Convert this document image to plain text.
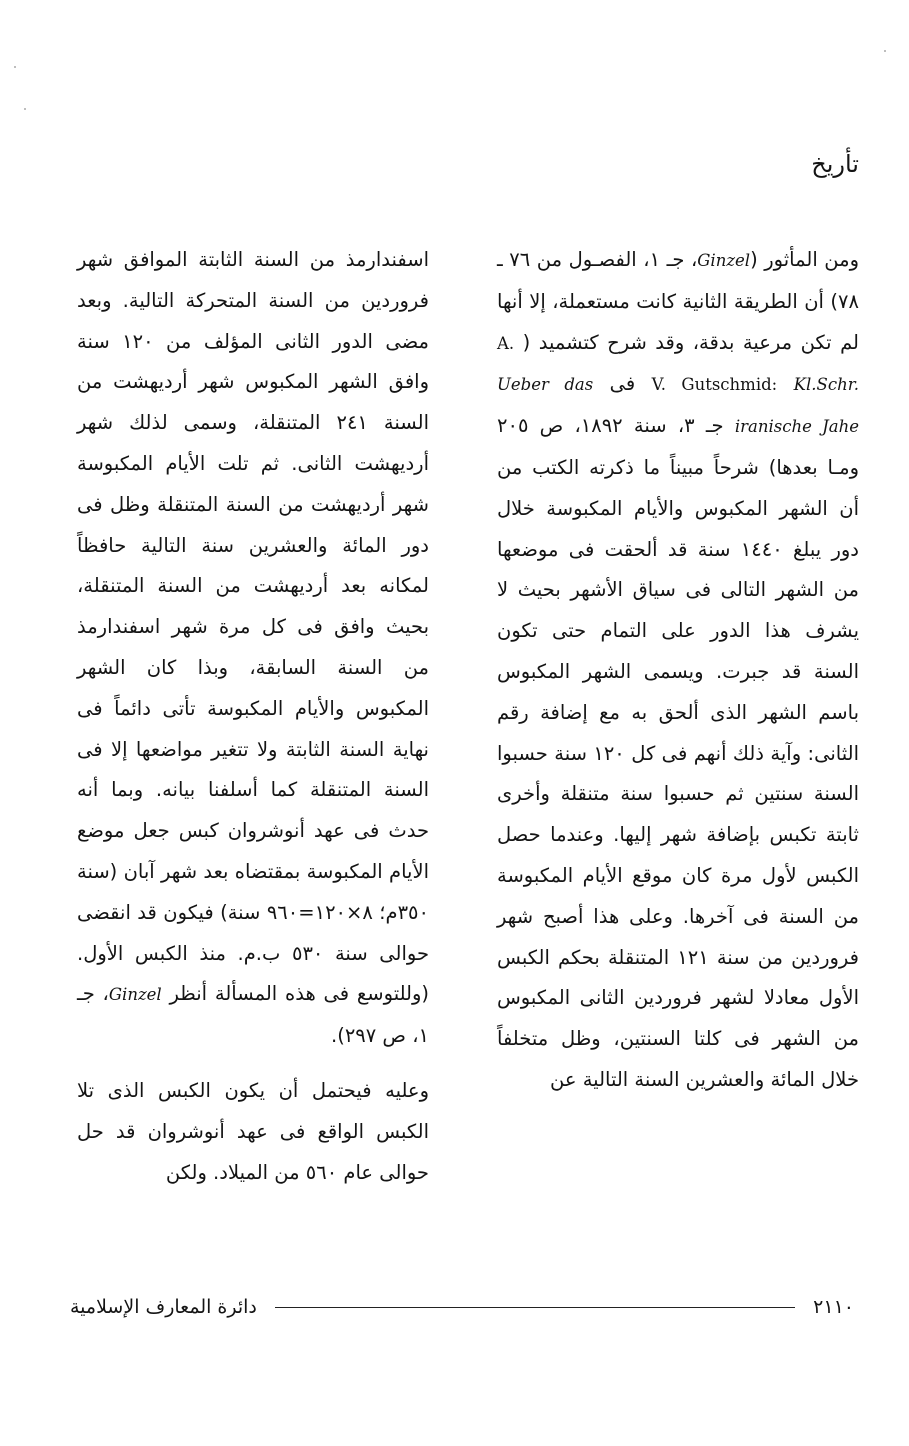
تأريخ

ومن المأثور (Ginzel، جـ ١، الفصـول من ٧٦ ـ ٧٨) أن الطريقة الثانية كانت مستعملة، إلا أنها لم تكن مرعية بدقة، وقد شرح كتشميد ( A. V. Gutschmid: Kl.Schr. فى Ueber das iranische Jahe جـ ٣، سنة ١٨٩٢، ص ٢٠٥ ومـا بعدها) شرحاً مبيناً ما ذكرته الكتب من أن الشهر المكبوس والأيام المكبوسة خلال دور يبلغ ١٤٤٠ سنة قد ألحقت فى موضعها من الشهر التالى فى سياق الأشهر بحيث لا يشرف هذا الدور على التمام حتى تكون السنة قد جبرت. ويسمى الشهر المكبوس باسم الشهر الذى ألحق به مع إضافة رقم الثانى: وآية ذلك أنهم فى كل ١٢٠ سنة حسبوا السنة سنتين ثم حسبوا سنة متنقلة وأخرى ثابتة تكبس بإضافة شهر إليها. وعندما حصل الكبس لأول مرة كان موقع الأيام المكبوسة من السنة فى آخرها. وعلى هذا أصبح شهر فروردين من سنة ١٢١ المتنقلة بحكم الكبس الأول معادلا لشهر فروردين الثانى المكبوس من الشهر فى كلتا السنتين، وظل متخلفاً خلال المائة والعشرين السنة التالية عن

اسفندارمذ من السنة الثابتة الموافق شهر فروردين من السنة المتحركة التالية. وبعد مضى الدور الثانى المؤلف من ١٢٠ سنة وافق الشهر المكبوس شهر أرديهشت من السنة ٢٤١ المتنقلة، وسمى لذلك شهر أرديهشت الثانى. ثم تلت الأيام المكبوسة شهر أرديهشت من السنة المتنقلة وظل فى دور المائة والعشرين سنة التالية حافظاً لمكانه بعد أرديهشت من السنة المتنقلة، بحيث وافق فى كل مرة شهر اسفندارمذ من السنة السابقة، وبذا كان الشهر المكبوس والأيام المكبوسة تأتى دائماً فى نهاية السنة الثابتة ولا تتغير مواضعها إلا فى السنة المتنقلة كما أسلفنا بيانه. وبما أنه حدث فى عهد أنوشروان كبس جعل موضع الأيام المكبوسة بمقتضاه بعد شهر آبان (سنة ٣٥٠م؛ ٨×١٢٠=٩٦٠ سنة) فيكون قد انقضى حوالى سنة ٥٣٠ ب.م. منذ الكبس الأول. (وللتوسع فى هذه المسألة أنظر Ginzel، جـ ١، ص ٢٩٧).

وعليه فيحتمل أن يكون الكبس الذى تلا الكبس الواقع فى عهد أنوشروان قد حل حوالى عام ٥٦٠ من الميلاد. ولكن

٢١١٠
دائرة المعارف الإسلامية
